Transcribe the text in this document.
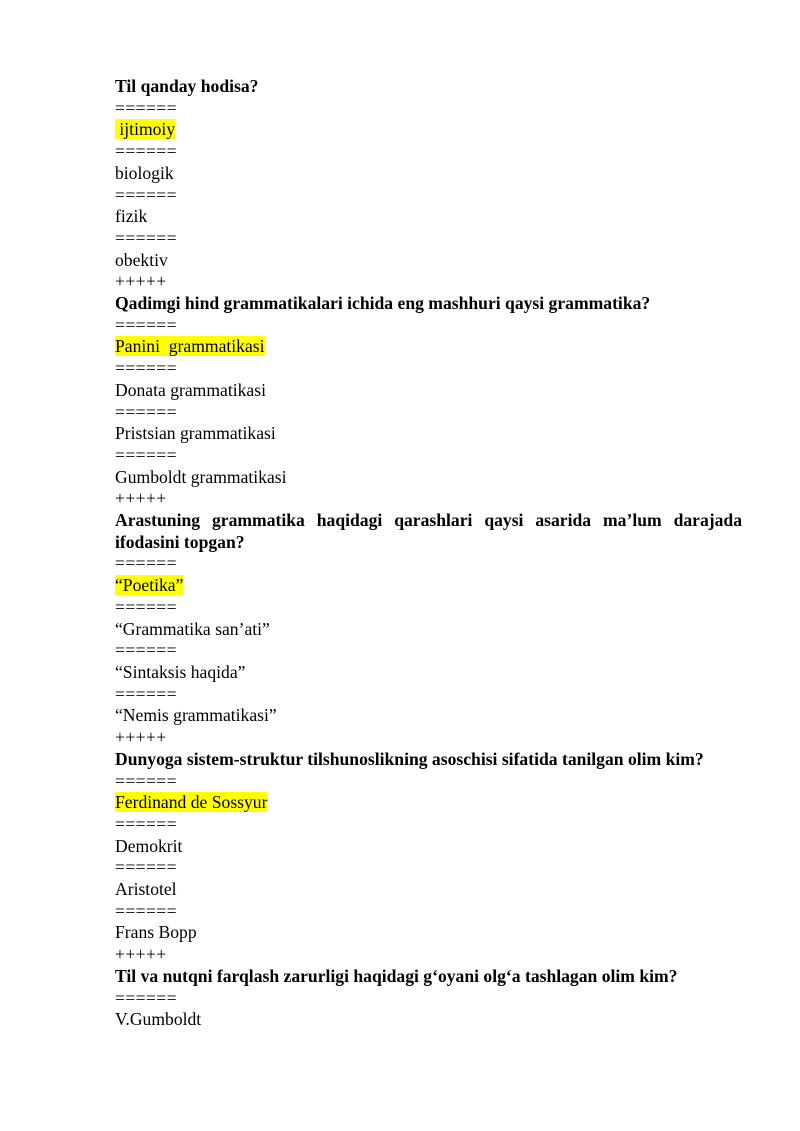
Til qanday hodisa?
======
ijtimoiy
======
biologik
======
fizik
======
obektiv
+++++
Qadimgi hind grammatikalari ichida eng mashhuri qaysi grammatika?
======
Panini  grammatikasi
======
Donata grammatikasi
======
Pristsian grammatikasi
======
Gumboldt grammatikasi
+++++
Arastuning grammatika haqidagi qarashlari qaysi asarida ma’lum darajada ifodasini topgan?
======
“Poetika”
======
“Grammatika san’ati”
======
“Sintaksis haqida”
======
“Nemis grammatikasi”
+++++
Dunyoga sistem-struktur tilshunoslikning asoschisi sifatida tanilgan olim kim?
======
Ferdinand de Sossyur
======
Demokrit
======
Aristotel
======
Frans Bopp
+++++
Til va nutqni farqlash zarurligi haqidagi g‘oyani olg‘a tashlagan olim kim?
======
V.Gumboldt
